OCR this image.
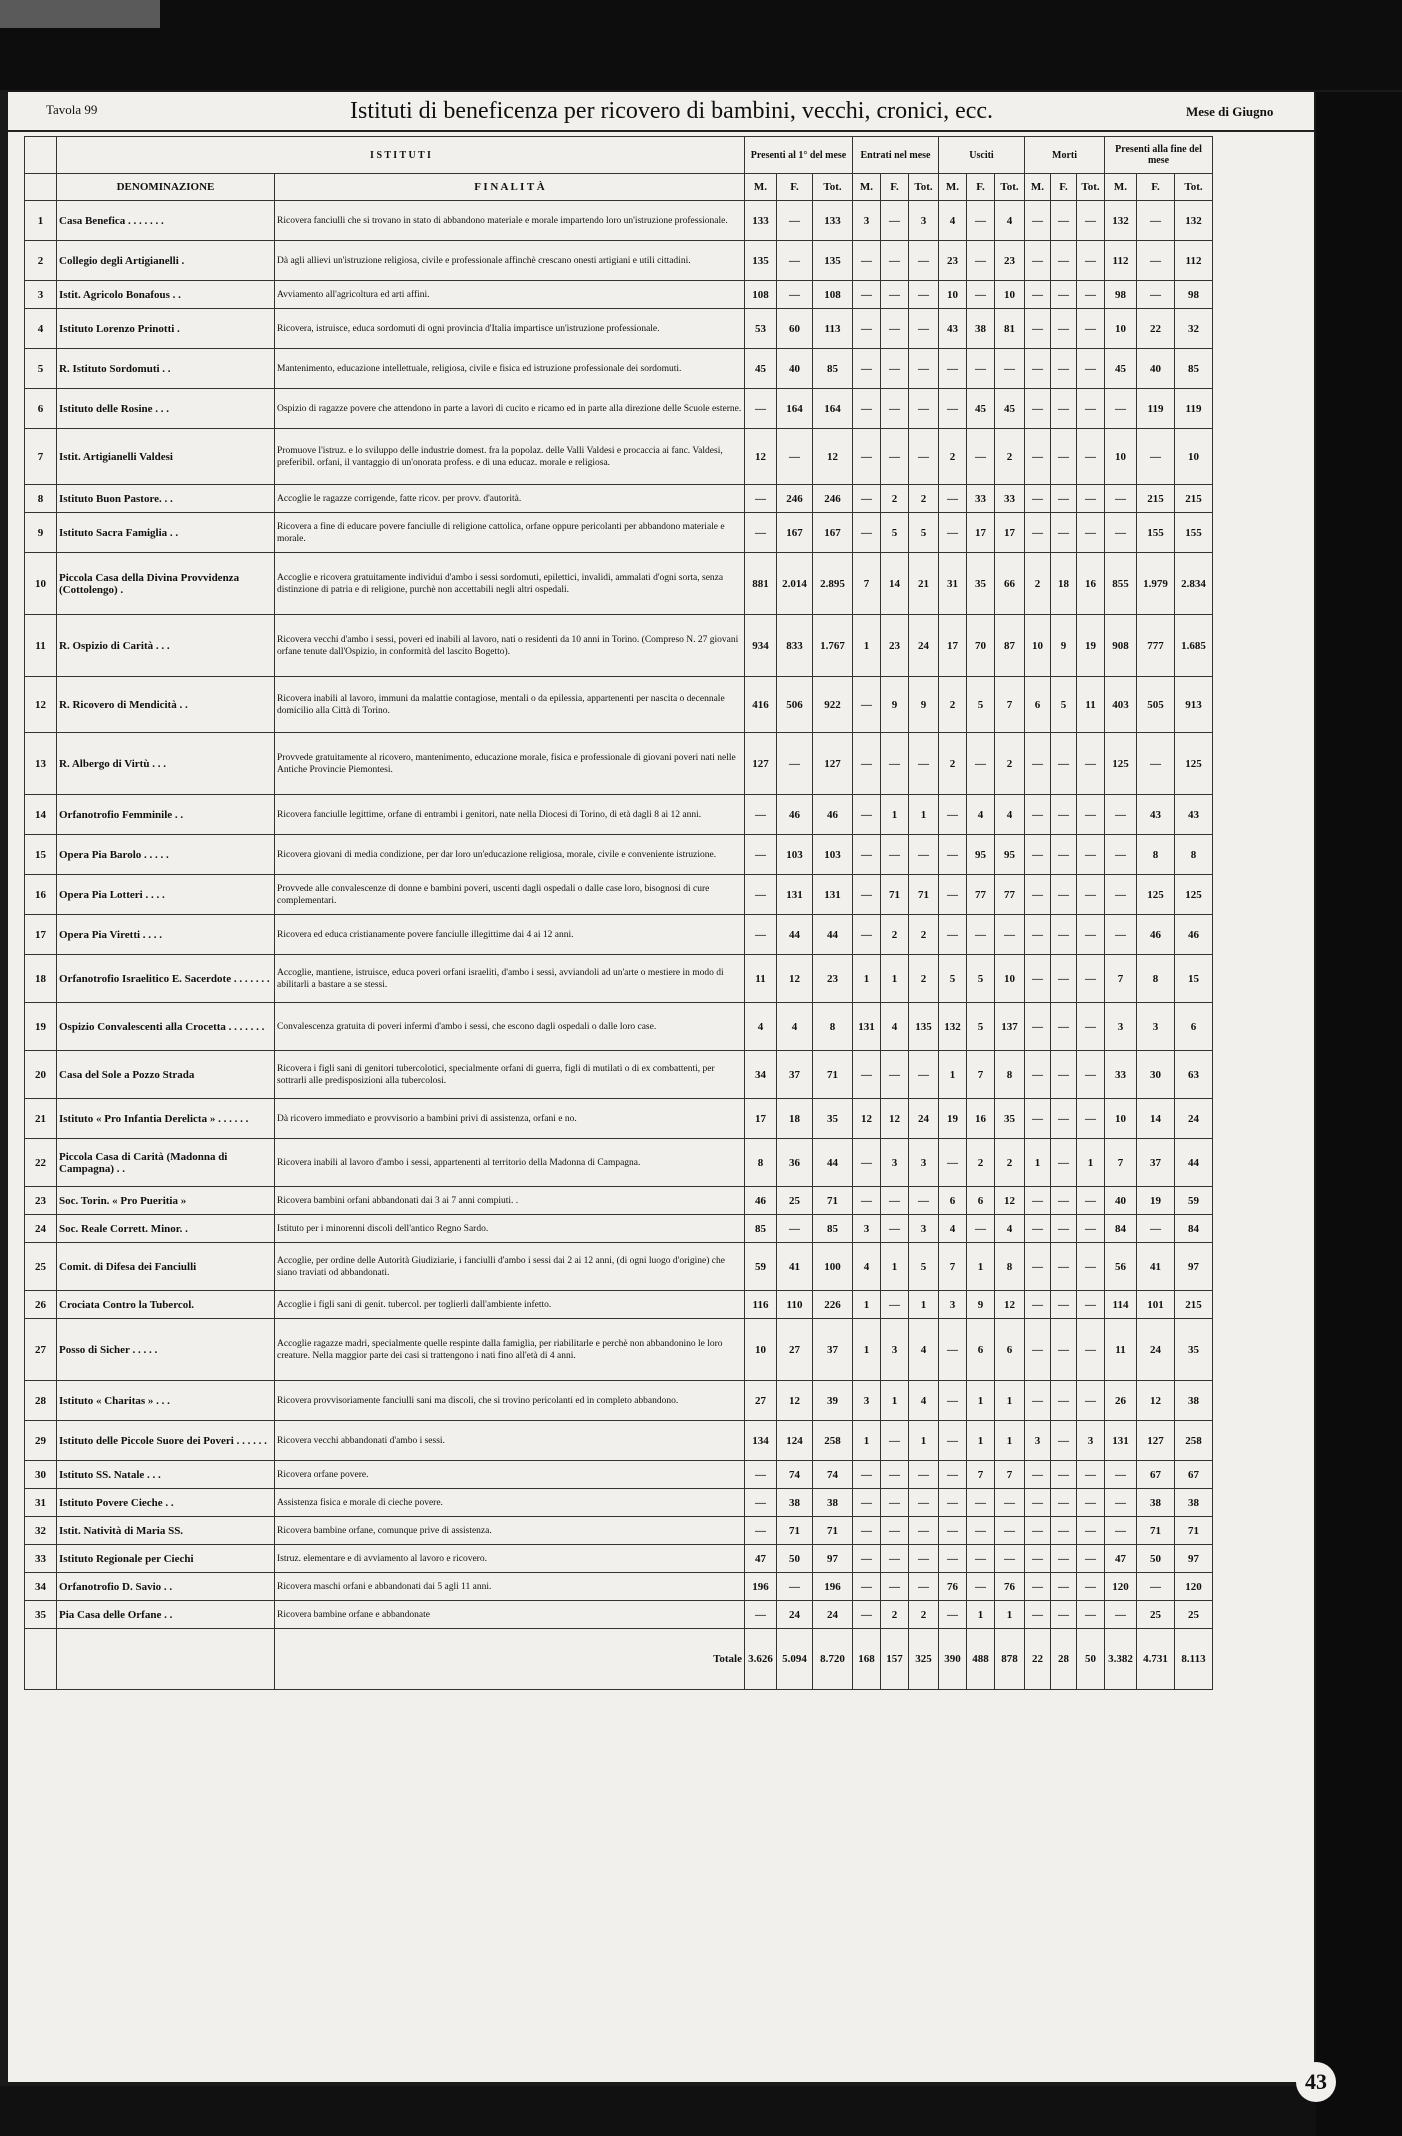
Tavola 99	Istituti di beneficenza per ricovero di bambini, vecchi, cronici, ecc.	Mese di Giugno
	I S T I T U T I		Presenti al 1° del mese			Entrati nel mese			Usciti			Morti			Presenti alla fine del mese		
	DENOMINAZIONE	F I N A L I T À	M.	F.	Tot.	M.	F.	Tot.	M.	F.	Tot.	M.	F.	Tot.	M.	F.	Tot.
1	Casa Benefica . . . . . . .	Ricovera fanciulli che si trovano in stato di abbandono materiale e morale impartendo loro un'istruzione professionale.	133	—	133	3	—	3	4	—	4	—	—	—	132	—	132
2	Collegio degli Artigianelli .	Dà agli allievi un'istruzione religiosa, civile e professionale affinchè crescano onesti artigiani e utili cittadini.	135	—	135	—	—	—	23	—	23	—	—	—	112	—	112
3	Istit. Agricolo Bonafous . .	Avviamento all'agricoltura ed arti affini.	108	—	108	—	—	—	10	—	10	—	—	—	98	—	98
4	Istituto Lorenzo Prinotti .	Ricovera, istruisce, educa sordomuti di ogni provincia d'Italia impartisce un'istruzione professionale.	53	60	113	—	—	—	43	38	81	—	—	—	10	22	32
5	R. Istituto Sordomuti . .	Mantenimento, educazione intellettuale, religiosa, civile e fisica ed istruzione professionale dei sordomuti.	45	40	85	—	—	—	—	—	—	—	—	—	45	40	85
6	Istituto delle Rosine . . .	Ospizio di ragazze povere che attendono in parte a lavori di cucito e ricamo ed in parte alla direzione delle Scuole esterne.	—	164	164	—	—	—	—	45	45	—	—	—	—	119	119
7	Istit. Artigianelli Valdesi	Promuove l'istruz. e lo sviluppo delle industrie domest. fra la popolaz. delle Valli Valdesi e procaccia ai fanc. Valdesi, preferibil. orfani, il vantaggio di un'onorata profess. e di una educaz. morale e religiosa.	12	—	12	—	—	—	2	—	2	—	—	—	10	—	10
8	Istituto Buon Pastore. . .	Accoglie le ragazze corrigende, fatte ricov. per provv. d'autorità.	—	246	246	—	2	2	—	33	33	—	—	—	—	215	215
9	Istituto Sacra Famiglia . .	Ricovera a fine di educare povere fanciulle di religione cattolica, orfane oppure pericolanti per abbandono materiale e morale.	—	167	167	—	5	5	—	17	17	—	—	—	—	155	155
10	Piccola Casa della Divina Provvidenza (Cottolengo) .	Accoglie e ricovera gratuitamente individui d'ambo i sessi sordomuti, epilettici, invalidi, ammalati d'ogni sorta, senza distinzione di patria e di religione, purchè non accettabili negli altri ospedali.	881	2.014	2.895	7	14	21	31	35	66	2	18	16	855	1.979	2.834
11	R. Ospizio di Carità . . .	Ricovera vecchi d'ambo i sessi, poveri ed inabili al lavoro, nati o residenti da 10 anni in Torino. (Compreso N. 27 giovani orfane tenute dall'Ospizio, in conformità del lascito Bogetto).	934	833	1.767	1	23	24	17	70	87	10	9	19	908	777	1.685
12	R. Ricovero di Mendicità . .	Ricovera inabili al lavoro, immuni da malattie contagiose, mentali o da epilessia, appartenenti per nascita o decennale domicilio alla Città di Torino.	416	506	922	—	9	9	2	5	7	6	5	11	403	505	913
13	R. Albergo di Virtù . . .	Provvede gratuitamente al ricovero, mantenimento, educazione morale, fisica e professionale di giovani poveri nati nelle Antiche Provincie Piemontesi.	127	—	127	—	—	—	2	—	2	—	—	—	125	—	125
14	Orfanotrofio Femminile . .	Ricovera fanciulle legittime, orfane di entrambi i genitori, nate nella Diocesi di Torino, di età dagli 8 ai 12 anni.	—	46	46	—	1	1	—	4	4	—	—	—	—	43	43
15	Opera Pia Barolo . . . . .	Ricovera giovani di media condizione, per dar loro un'educazione religiosa, morale, civile e conveniente istruzione.	—	103	103	—	—	—	—	95	95	—	—	—	—	8	8
16	Opera Pia Lotteri . . . .	Provvede alle convalescenze di donne e bambini poveri, uscenti dagli ospedali o dalle case loro, bisognosi di cure complementari.	—	131	131	—	71	71	—	77	77	—	—	—	—	125	125
17	Opera Pia Viretti . . . .	Ricovera ed educa cristianamente povere fanciulle illegittime dai 4 ai 12 anni.	—	44	44	—	2	2	—	—	—	—	—	—	—	46	46
18	Orfanotrofio Israelitico E. Sacerdote . . . . . . .	Accoglie, mantiene, istruisce, educa poveri orfani israeliti, d'ambo i sessi, avviandoli ad un'arte o mestiere in modo di abilitarli a bastare a se stessi.	11	12	23	1	1	2	5	5	10	—	—	—	7	8	15
19	Ospizio Convalescenti alla Crocetta . . . . . . .	Convalescenza gratuita di poveri infermi d'ambo i sessi, che escono dagli ospedali o dalle loro case.	4	4	8	131	4	135	132	5	137	—	—	—	3	3	6
20	Casa del Sole a Pozzo Strada	Ricovera i figli sani di genitori tubercolotici, specialmente orfani di guerra, figli di mutilati o di ex combattenti, per sottrarli alle predisposizioni alla tubercolosi.	34	37	71	—	—	—	1	7	8	—	—	—	33	30	63
21	Istituto « Pro Infantia Derelicta » . . . . . .	Dà ricovero immediato e provvisorio a bambini privi di assistenza, orfani e no.	17	18	35	12	12	24	19	16	35	—	—	—	10	14	24
22	Piccola Casa di Carità (Madonna di Campagna) . .	Ricovera inabili al lavoro d'ambo i sessi, appartenenti al territorio della Madonna di Campagna.	8	36	44	—	3	3	—	2	2	1	—	1	7	37	44
23	Soc. Torin. « Pro Pueritia »	Ricovera bambini orfani abbandonati dai 3 ai 7 anni compiuti. .	46	25	71	—	—	—	6	6	12	—	—	—	40	19	59
24	Soc. Reale Corrett. Minor. .	Istituto per i minorenni discoli dell'antico Regno Sardo.	85	—	85	3	—	3	4	—	4	—	—	—	84	—	84
25	Comit. di Difesa dei Fanciulli	Accoglie, per ordine delle Autorità Giudiziarie, i fanciulli d'ambo i sessi dai 2 ai 12 anni, (di ogni luogo d'origine) che siano traviati od abbandonati.	59	41	100	4	1	5	7	1	8	—	—	—	56	41	97
26	Crociata Contro la Tubercol.	Accoglie i figli sani di genit. tubercol. per toglierli dall'ambiente infetto.	116	110	226	1	—	1	3	9	12	—	—	—	114	101	215
27	Posso di Sicher . . . . .	Accoglie ragazze madri, specialmente quelle respinte dalla famiglia, per riabilitarle e perchè non abbandonino le loro creature. Nella maggior parte dei casi si trattengono i nati fino all'età di 4 anni.	10	27	37	1	3	4	—	6	6	—	—	—	11	24	35
28	Istituto « Charitas » . . .	Ricovera provvisoriamente fanciulli sani ma discoli, che si trovino pericolanti ed in completo abbandono.	27	12	39	3	1	4	—	1	1	—	—	—	26	12	38
29	Istituto delle Piccole Suore dei Poveri . . . . . .	Ricovera vecchi abbandonati d'ambo i sessi.	134	124	258	1	—	1	—	1	1	3	—	3	131	127	258
30	Istituto SS. Natale . . .	Ricovera orfane povere.	—	74	74	—	—	—	—	7	7	—	—	—	—	67	67
31	Istituto Povere Cieche . .	Assistenza fisica e morale di cieche povere.	—	38	38	—	—	—	—	—	—	—	—	—	—	38	38
32	Istit. Natività di Maria SS.	Ricovera bambine orfane, comunque prive di assistenza.	—	71	71	—	—	—	—	—	—	—	—	—	—	71	71
33	Istituto Regionale per Ciechi	Istruz. elementare e di avviamento al lavoro e ricovero.	47	50	97	—	—	—	—	—	—	—	—	—	47	50	97
34	Orfanotrofio D. Savio . .	Ricovera maschi orfani e abbandonati dai 5 agli 11 anni.	196	—	196	—	—	—	76	—	76	—	—	—	120	—	120
35	Pia Casa delle Orfane . .	Ricovera bambine orfane e abbandonate	—	24	24	—	2	2	—	1	1	—	—	—	—	25	25
		Totale	3.626	5.094	8.720	168	157	325	390	488	878	22	28	50	3.382	4.731	8.113
43
